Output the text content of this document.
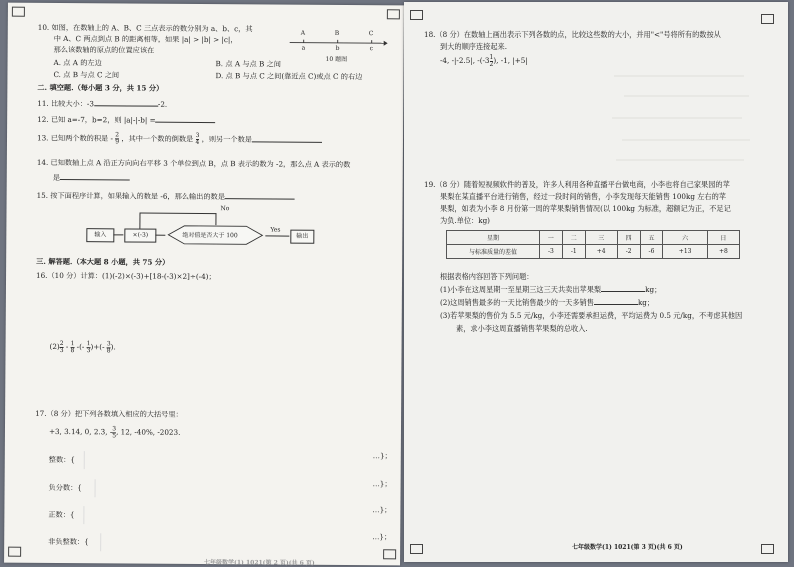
10. 如图，在数轴上的 A、B、C 三点表示的数分别为 a、b、c，其
中 A、C 两点到点 B 的距离相等，如果 |a| > |b| > |c|，
那么该数轴的原点的位置应该在
A	B	C
a	b	c
10 题图
A. 点 A 的左边	B. 点 A 与点 B 之间
C. 点 B 与点 C 之间	D. 点 B 与点 C 之间(靠近点 C)或点 C 的右边
二. 填空题.（每小题 3 分，共 15 分）
11. 比较大小：-3	-2.
12. 已知 a=-7，b=2，则 |a|-|-b| =
13. 已知两个数的积是 - $\frac{2}{9}$ ，其中一个数的倒数是 $\frac{3}{4}$ ，则另一个数是
14. 已知数轴上点 A 沿正方向向右平移 3 个单位到点 B，点 B 表示的数为 -2，那么点 A 表示的数
是
15. 按下面程序计算，如果输入的数是 -6，那么输出的数是
输入	×(-3)	绝对值是否大于 100
Yes
输出
No
三. 解答题.（本大题 8 小题，共 75 分）
16.（10 分）计算：(1)(-2)×(-3)+[18-(-3)×2]÷(-4)；
$(2) \frac{2}{3} - \frac{1}{8}$ -(- $\frac{1}{3}$ )+(- $\frac{3}{8}$ ).
17.（8 分）把下列各数填入相应的大括号里：
+3, 3.14, 0, 2.3̇, - $\frac{3}{5}$ , 12, -40%, -2023.
整数：{	…}；
负分数：{	…}；
正数：{
…}；
非负整数：{
…}；
七年级数学(1) 1021(第 2 页)(共 6 页)
18.（8 分）在数轴上画出表示下列各数的点，比较这些数的大小，并用"<"号将所有的数按从
到大的顺序连接起来.
-4, -|-2.5|, $-(-3 \frac{1}{2}$ ), -1, |+5|
19.（8 分）随着短视频软件的普及，许多人利用各种直播平台做电商，小李也将自己家果园的苹
果梨在某直播平台进行销售，经过一段时间的销售，小李发现每天能销售 100kg 左右的苹
果梨，如表为小李 8 月份第一周的苹果梨销售情况(以 100kg 为标准，超额记为正，不足记
为负.单位：kg)
星期	一	二	三	四	五	六	日
与标准质量的差值	-3	-1	+4	-2	-6	+13	+8
根据表格内容回答下列问题：
(1)小李在这周星期一至星期三这三天共卖出苹果梨	kg；
(2)这周销售最多的一天比销售最少的一天多销售	kg；
(3)若苹果梨的售价为 5.5 元/kg，小李还需要承担运费，平均运费为 0.5 元/kg，不考虑其他因
素，求小李这周直播销售苹果梨的总收入.
七年级数学(1) 1021(第 3 页)(共 6 页)
